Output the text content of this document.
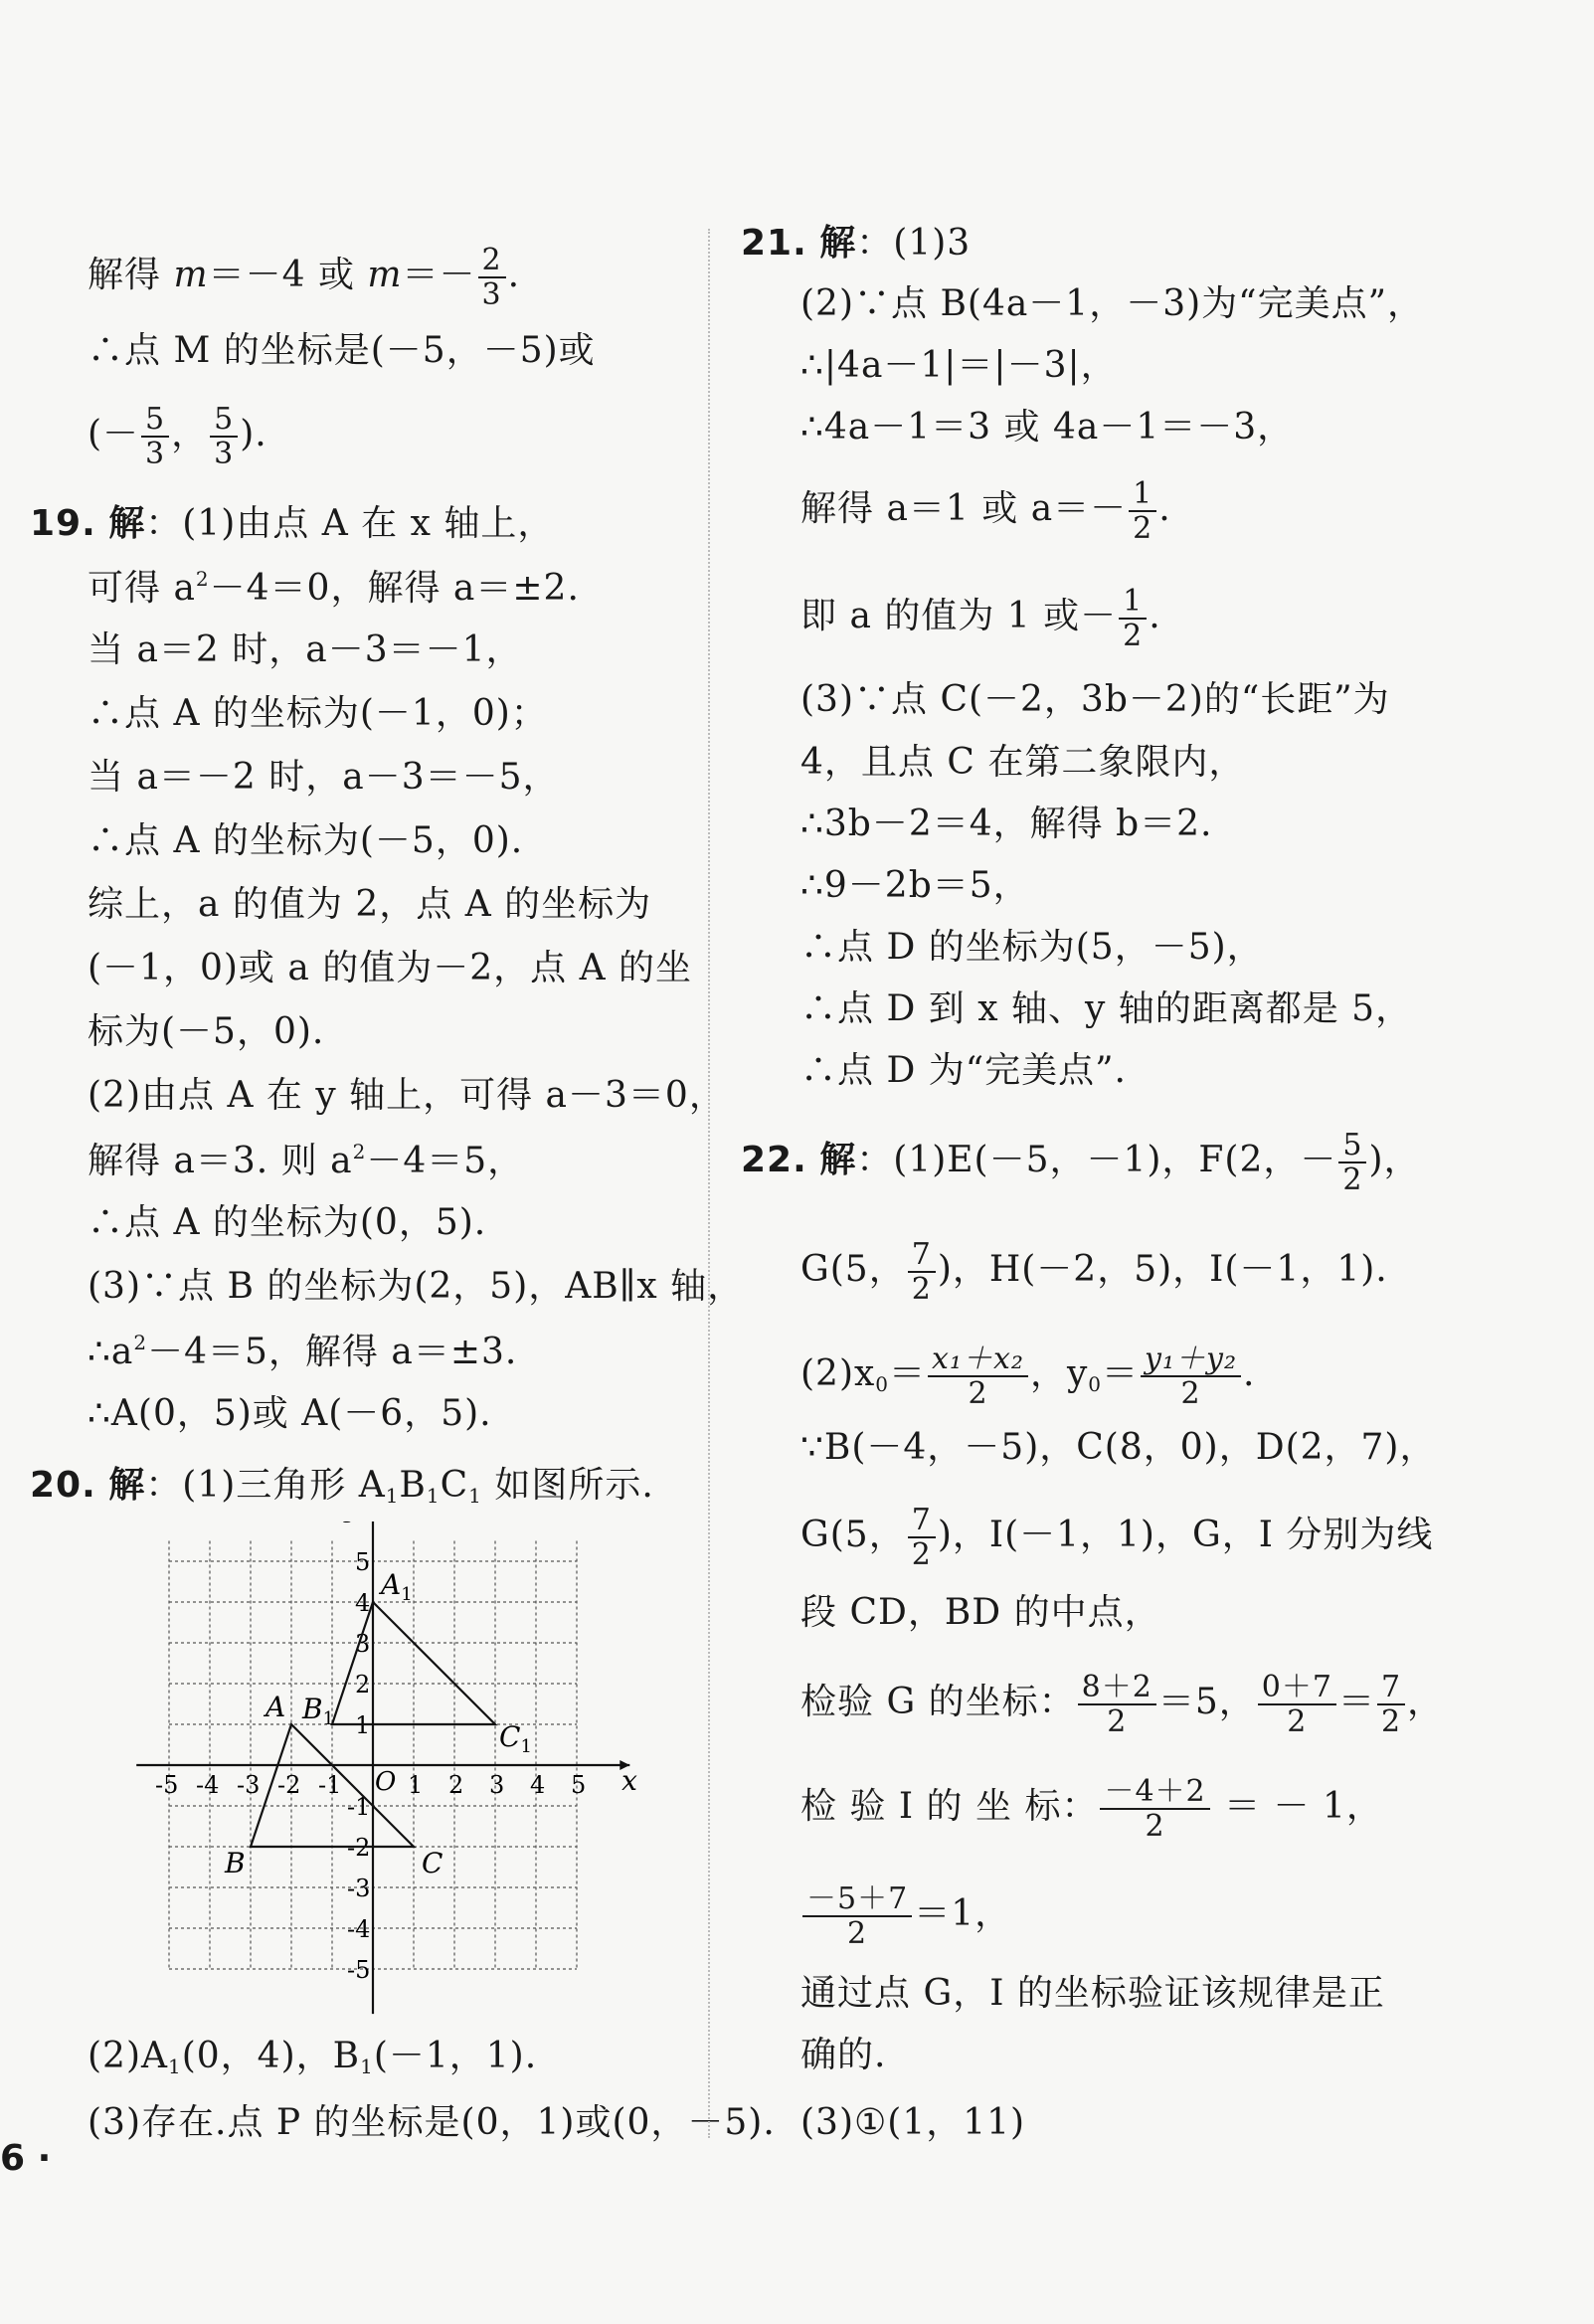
解得 m＝－4 或 $m=- \frac{2}{3}$ .
∴点 M 的坐标是(－5，－5)或
(－ $\frac{5}{3}$ ， $\frac{5}{3}$ ).
19. 解：(1)由点 A 在 x 轴上，
可得 $a^2-4=0$，解得 a＝±2.
当 a＝2 时，a－3＝－1，
∴点 A 的坐标为(－1，0)；
当 a＝－2 时，a－3＝－5，
∴点 A 的坐标为(－5，0).
综上，a 的值为 2，点 A 的坐标为
(－1，0)或 a 的值为－2，点 A 的坐
标为(－5，0).
(2)由点 A 在 y 轴上，可得 a－3＝0，
解得 a＝3. 则 $a^2-4=5$，
∴点 A 的坐标为(0，5).
(3)∵点 B 的坐标为(2，5)，AB∥x 轴，
$\therefore a^2-4=5$，解得 a＝±3.
∴A(0，5)或 A(－6，5).
20. 解：(1)三角形 $A_1B_1C_1$ 如图所示.
x
O
-5 -4 -3 -2 -1	1 2 3 4 5
5
4
3
2
1
-1
-2
-3
-4
-5
A
B	C
$A_1$
$B_1$
$C_1$
$(2)A_1(0$，4)，$B_1(-1$，1).
(3)存在.点 P 的坐标是(0，1)或(0，－5).
21. 解：(1)3
(2)∵点 B(4a－1，－3)为“完美点”，
∴|4a－1|＝|－3|，
∴4a－1＝3 或 4a－1＝－3，
解得 a＝1 或 $a=- \frac{1}{2}$ .
即 a 的值为 1 或－ $\frac{1}{2}$ .
(3)∵点 C(－2，3b－2)的“长距”为
4，且点 C 在第二象限内，
∴3b－2＝4，解得 b＝2.
∴9－2b＝5，
∴点 D 的坐标为(5，－5)，
∴点 D 到 x 轴、y 轴的距离都是 5，
∴点 D 为“完美点”.
22. 解：(1)E(－5，－1)，F(2，－ $\frac{5}{2}$ )，
G(5， $\frac{7}{2}$ )，H(－2，5)，I(－1，1).
$(2)x_0= \frac{\text{x₁＋x₂}}{2}$ ，$y_0= \frac{\text{y₁＋y₂}}{2}$ .
∵B(－4，－5)，C(8，0)，D(2，7)，
G(5， $\frac{7}{2}$ )，I(－1，1)，G，I 分别为线
段 CD，BD 的中点，
检验 G 的坐标： $\frac{8+2}{2} =5$， $\frac{0+7}{2} = \frac{7}{2}$ ，
检 验 I 的 坐 标： $\frac{-4+2}{2}$ ＝ － 1，
$\frac{-5+7}{2} =1$，
通过点 G，I 的坐标验证该规律是正
确的.
(3)①(1，11)
6 ·
